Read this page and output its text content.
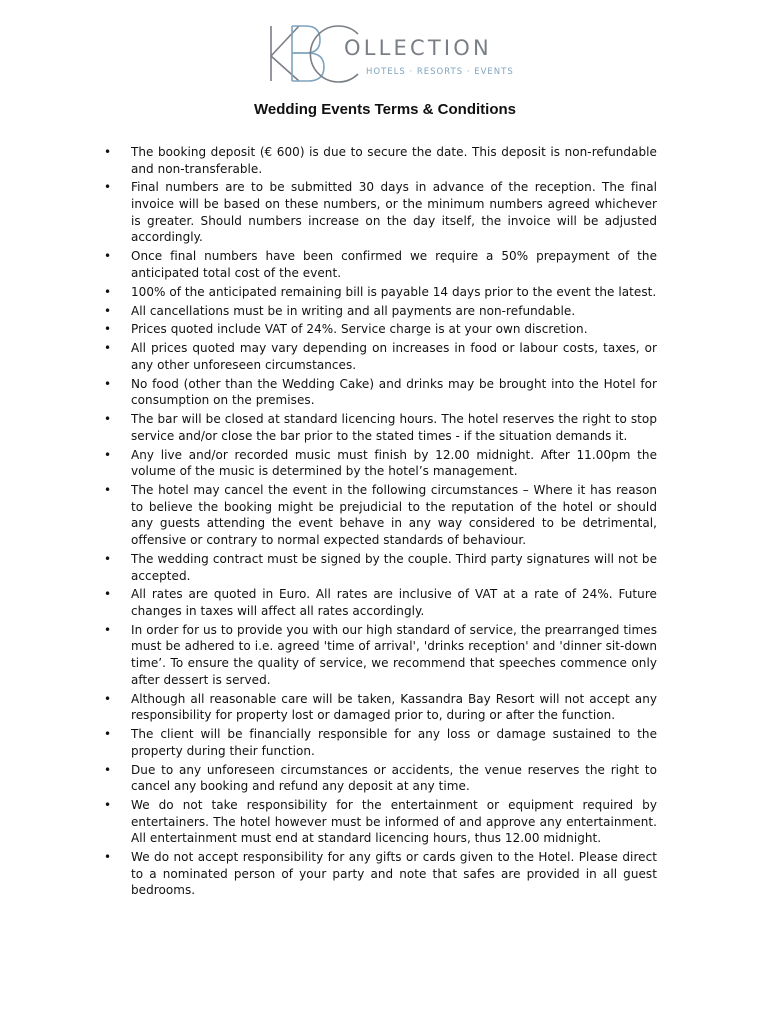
OLLECTION
HOTELS · RESORTS · EVENTS
Wedding Events Terms & Conditions
• The booking deposit (€ 600) is due to secure the date. This deposit is non-refundable and non-transferable.
• Final numbers are to be submitted 30 days in advance of the reception. The final invoice will be based on these numbers, or the minimum numbers agreed whichever is greater. Should numbers increase on the day itself, the invoice will be adjusted accordingly.
• Once final numbers have been confirmed we require a 50% prepayment of the anticipated total cost of the event.
• 100% of the anticipated remaining bill is payable 14 days prior to the event the latest.
• All cancellations must be in writing and all payments are non-refundable.
• Prices quoted include VAT of 24%. Service charge is at your own discretion.
• All prices quoted may vary depending on increases in food or labour costs, taxes, or any other unforeseen circumstances.
• No food (other than the Wedding Cake) and drinks may be brought into the Hotel for consumption on the premises.
• The bar will be closed at standard licencing hours. The hotel reserves the right to stop service and/or close the bar prior to the stated times - if the situation demands it.
• Any live and/or recorded music must finish by 12.00 midnight. After 11.00pm the volume of the music is determined by the hotel’s management.
• The hotel may cancel the event in the following circumstances – Where it has reason to believe the booking might be prejudicial to the reputation of the hotel or should any guests attending the event behave in any way considered to be detrimental, offensive or contrary to normal expected standards of behaviour.
• The wedding contract must be signed by the couple. Third party signatures will not be accepted.
• All rates are quoted in Euro. All rates are inclusive of VAT at a rate of 24%. Future changes in taxes will affect all rates accordingly.
• In order for us to provide you with our high standard of service, the prearranged times must be adhered to i.e. agreed 'time of arrival', 'drinks reception' and 'dinner sit-down time’. To ensure the quality of service, we recommend that speeches commence only after dessert is served.
• Although all reasonable care will be taken, Kassandra Bay Resort will not accept any responsibility for property lost or damaged prior to, during or after the function.
• The client will be financially responsible for any loss or damage sustained to the property during their function.
• Due to any unforeseen circumstances or accidents, the venue reserves the right to cancel any booking and refund any deposit at any time.
• We do not take responsibility for the entertainment or equipment required by entertainers. The hotel however must be informed of and approve any entertainment. All entertainment must end at standard licencing hours, thus 12.00 midnight.
• We do not accept responsibility for any gifts or cards given to the Hotel. Please direct to a nominated person of your party and note that safes are provided in all guest bedrooms.
